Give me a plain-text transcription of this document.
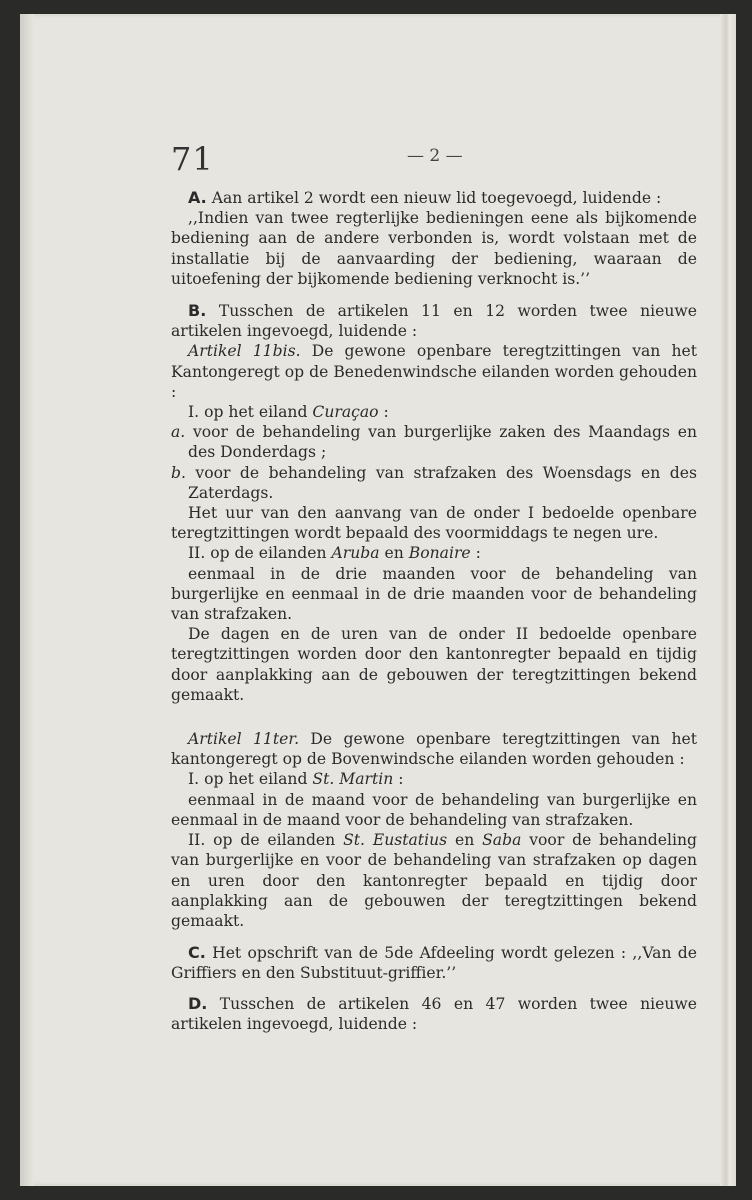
71	— 2 —

A. Aan artikel 2 wordt een nieuw lid toegevoegd, luidende :

,,Indien van twee regterlijke bedieningen eene als bijkomende bediening aan de andere verbonden is, wordt volstaan met de installatie bij de aanvaarding der bediening, waaraan de uitoefening der bijkomende bediening verknocht is.’’

B. Tusschen de artikelen 11 en 12 worden twee nieuwe artikelen ingevoegd, luidende :

Artikel 11bis. De gewone openbare teregtzittingen van het Kantongeregt op de Benedenwindsche eilanden worden gehouden :

I. op het eiland Curaçao :

a. voor de behandeling van burgerlijke zaken des Maandags en des Donderdags ;

b. voor de behandeling van strafzaken des Woensdags en des Zaterdags.

Het uur van den aanvang van de onder I bedoelde openbare teregtzittingen wordt bepaald des voormiddags te negen ure.

II. op de eilanden Aruba en Bonaire :

eenmaal in de drie maanden voor de behandeling van burgerlijke en eenmaal in de drie maanden voor de behandeling van strafzaken.

De dagen en de uren van de onder II bedoelde openbare teregtzittingen worden door den kantonregter bepaald en tijdig door aanplakking aan de gebouwen der teregtzittingen bekend gemaakt.

Artikel 11ter. De gewone openbare teregtzittingen van het kantongeregt op de Bovenwindsche eilanden worden gehouden :

I. op het eiland St. Martin :

eenmaal in de maand voor de behandeling van burgerlijke en eenmaal in de maand voor de behandeling van strafzaken.

II. op de eilanden St. Eustatius en Saba voor de behandeling van burgerlijke en voor de behandeling van strafzaken op dagen en uren door den kantonregter bepaald en tijdig door aanplakking aan de gebouwen der teregtzittingen bekend gemaakt.

C. Het opschrift van de 5de Afdeeling wordt gelezen : ,,Van de Griffiers en den Substituut-griffier.’’

D. Tusschen de artikelen 46 en 47 worden twee nieuwe artikelen ingevoegd, luidende :
